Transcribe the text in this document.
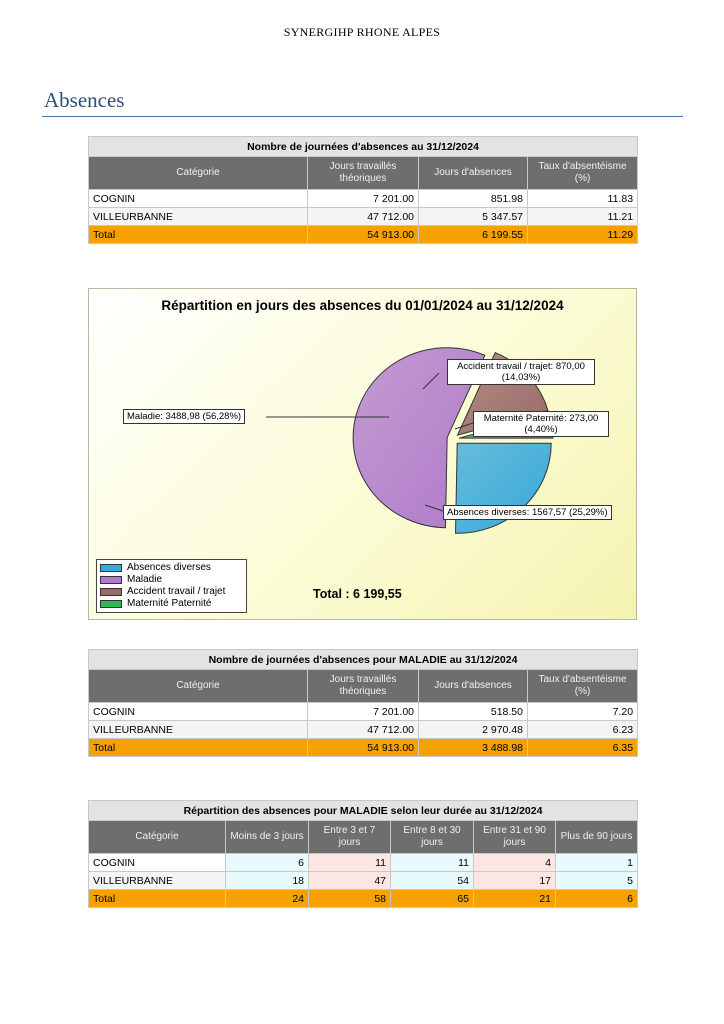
SYNERGIHP RHONE ALPES
Absences
Nombre de journées d'absences au 31/12/2024			
Catégorie	Jours travaillés théoriques	Jours d'absences	Taux d'absentéisme (%)
COGNIN	7 201.00	851.98	11.83
VILLEURBANNE	47 712.00	5 347.57	11.21
Total	54 913.00	6 199.55	11.29
Répartition en jours des absences du 01/01/2024 au 31/12/2024
Maladie: 3488,98 (56,28%)
Accident travail / trajet: 870,00 (14,03%)
Maternité Paternité: 273,00 (4,40%)
Absences diverses: 1567,57 (25,29%)
Absences diverses
Maladie
Accident travail / trajet
Maternité Paternité
Total : 6 199,55
Nombre de journées d'absences pour MALADIE au 31/12/2024			
Catégorie	Jours travaillés théoriques	Jours d'absences	Taux d'absentéisme (%)
COGNIN	7 201.00	518.50	7.20
VILLEURBANNE	47 712.00	2 970.48	6.23
Total	54 913.00	3 488.98	6.35
Répartition des absences pour MALADIE selon leur durée au 31/12/2024					
Catégorie	Moins de 3 jours	Entre 3 et 7 jours	Entre 8 et 30 jours	Entre 31 et 90 jours	Plus de 90 jours
COGNIN	6	11	11	4	1
VILLEURBANNE	18	47	54	17	5
Total	24	58	65	21	6
